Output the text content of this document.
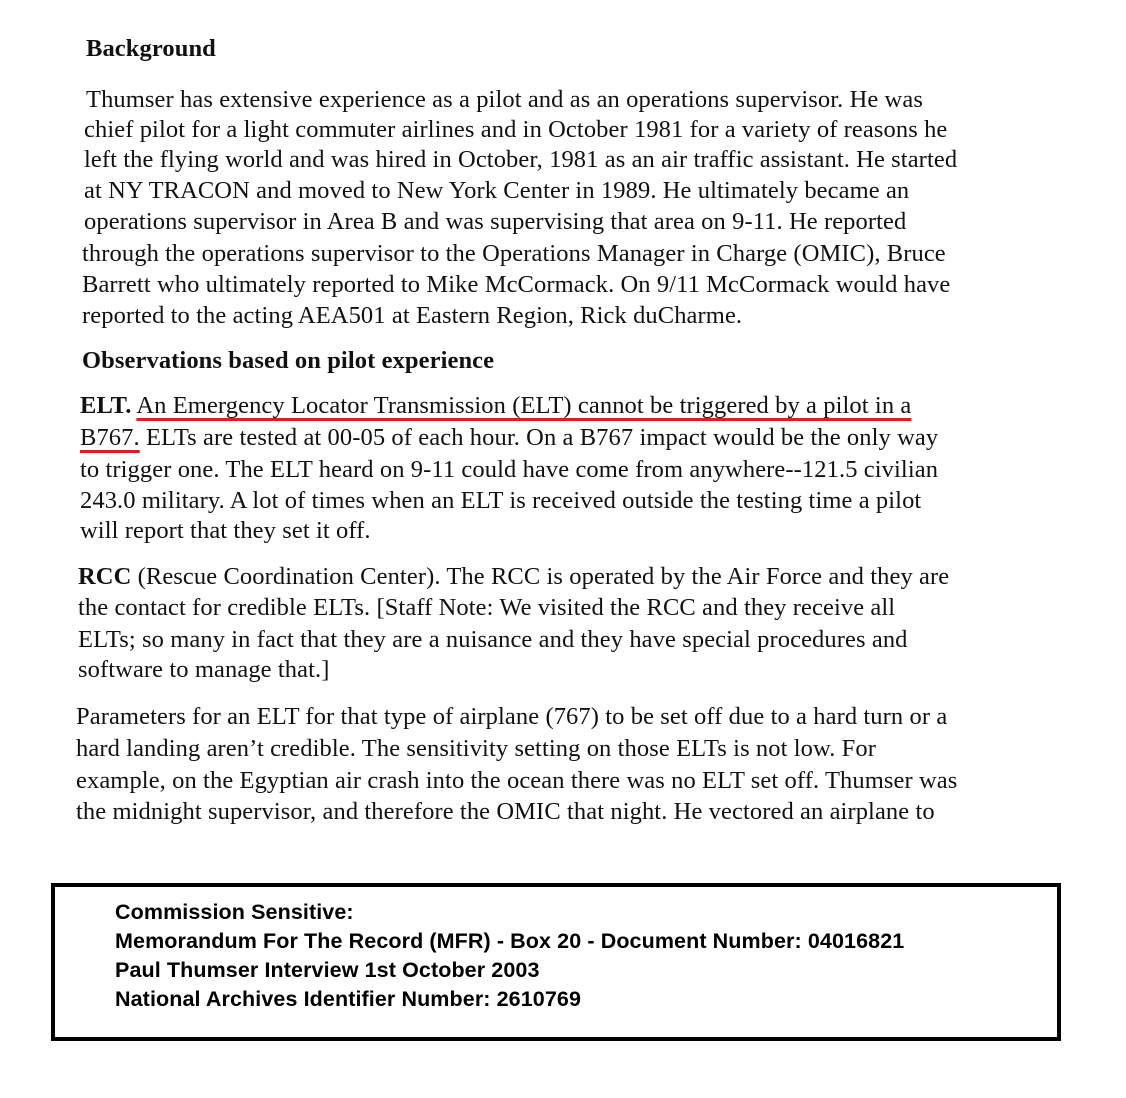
Background
Thumser has extensive experience as a pilot and as an operations supervisor. He was
chief pilot for a light commuter airlines and in October 1981 for a variety of reasons he
left the flying world and was hired in October, 1981 as an air traffic assistant. He started
at NY TRACON and moved to New York Center in 1989. He ultimately became an
operations supervisor in Area B and was supervising that area on 9-11. He reported
through the operations supervisor to the Operations Manager in Charge (OMIC), Bruce
Barrett who ultimately reported to Mike McCormack. On 9/11 McCormack would have
reported to the acting AEA501 at Eastern Region, Rick duCharme.
Observations based on pilot experience
ELT. An Emergency Locator Transmission (ELT) cannot be triggered by a pilot in a
B767. ELTs are tested at 00-05 of each hour. On a B767 impact would be the only way
to trigger one. The ELT heard on 9-11 could have come from anywhere--121.5 civilian
243.0 military. A lot of times when an ELT is received outside the testing time a pilot
will report that they set it off.
RCC (Rescue Coordination Center). The RCC is operated by the Air Force and they are
the contact for credible ELTs. [Staff Note: We visited the RCC and they receive all
ELTs; so many in fact that they are a nuisance and they have special procedures and
software to manage that.]
Parameters for an ELT for that type of airplane (767) to be set off due to a hard turn or a
hard landing aren’t credible. The sensitivity setting on those ELTs is not low. For
example, on the Egyptian air crash into the ocean there was no ELT set off. Thumser was
the midnight supervisor, and therefore the OMIC that night. He vectored an airplane to
Commission Sensitive:
Memorandum For The Record (MFR) - Box 20 - Document Number: 04016821
Paul Thumser Interview 1st October 2003
National Archives Identifier Number: 2610769
